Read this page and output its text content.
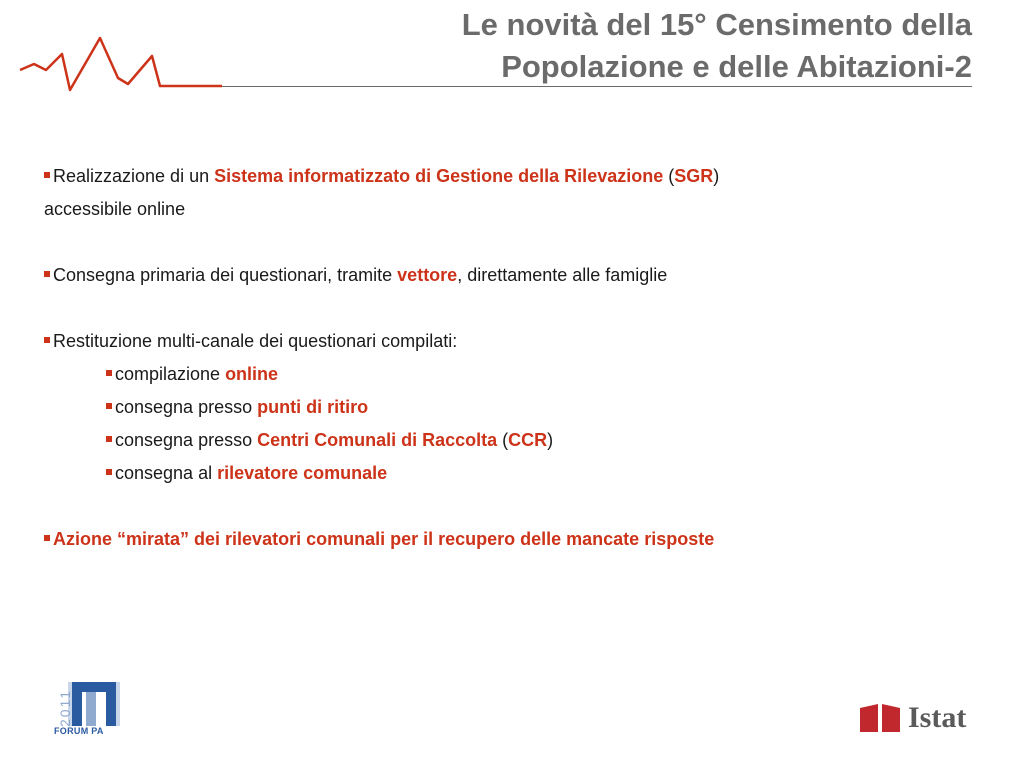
Le novità del 15° Censimento della
Popolazione e delle Abitazioni-2

Realizzazione di un Sistema informatizzato di Gestione della Rilevazione (SGR)
accessibile online

Consegna primaria dei questionari, tramite vettore, direttamente alle famiglie

Restituzione multi-canale dei questionari compilati:

compilazione online

consegna presso punti di ritiro

consegna presso Centri Comunali di Raccolta (CCR)

consegna al rilevatore comunale

Azione “mirata” dei rilevatori comunali per il recupero delle mancate risposte

2011
FORUM PA	Istat
